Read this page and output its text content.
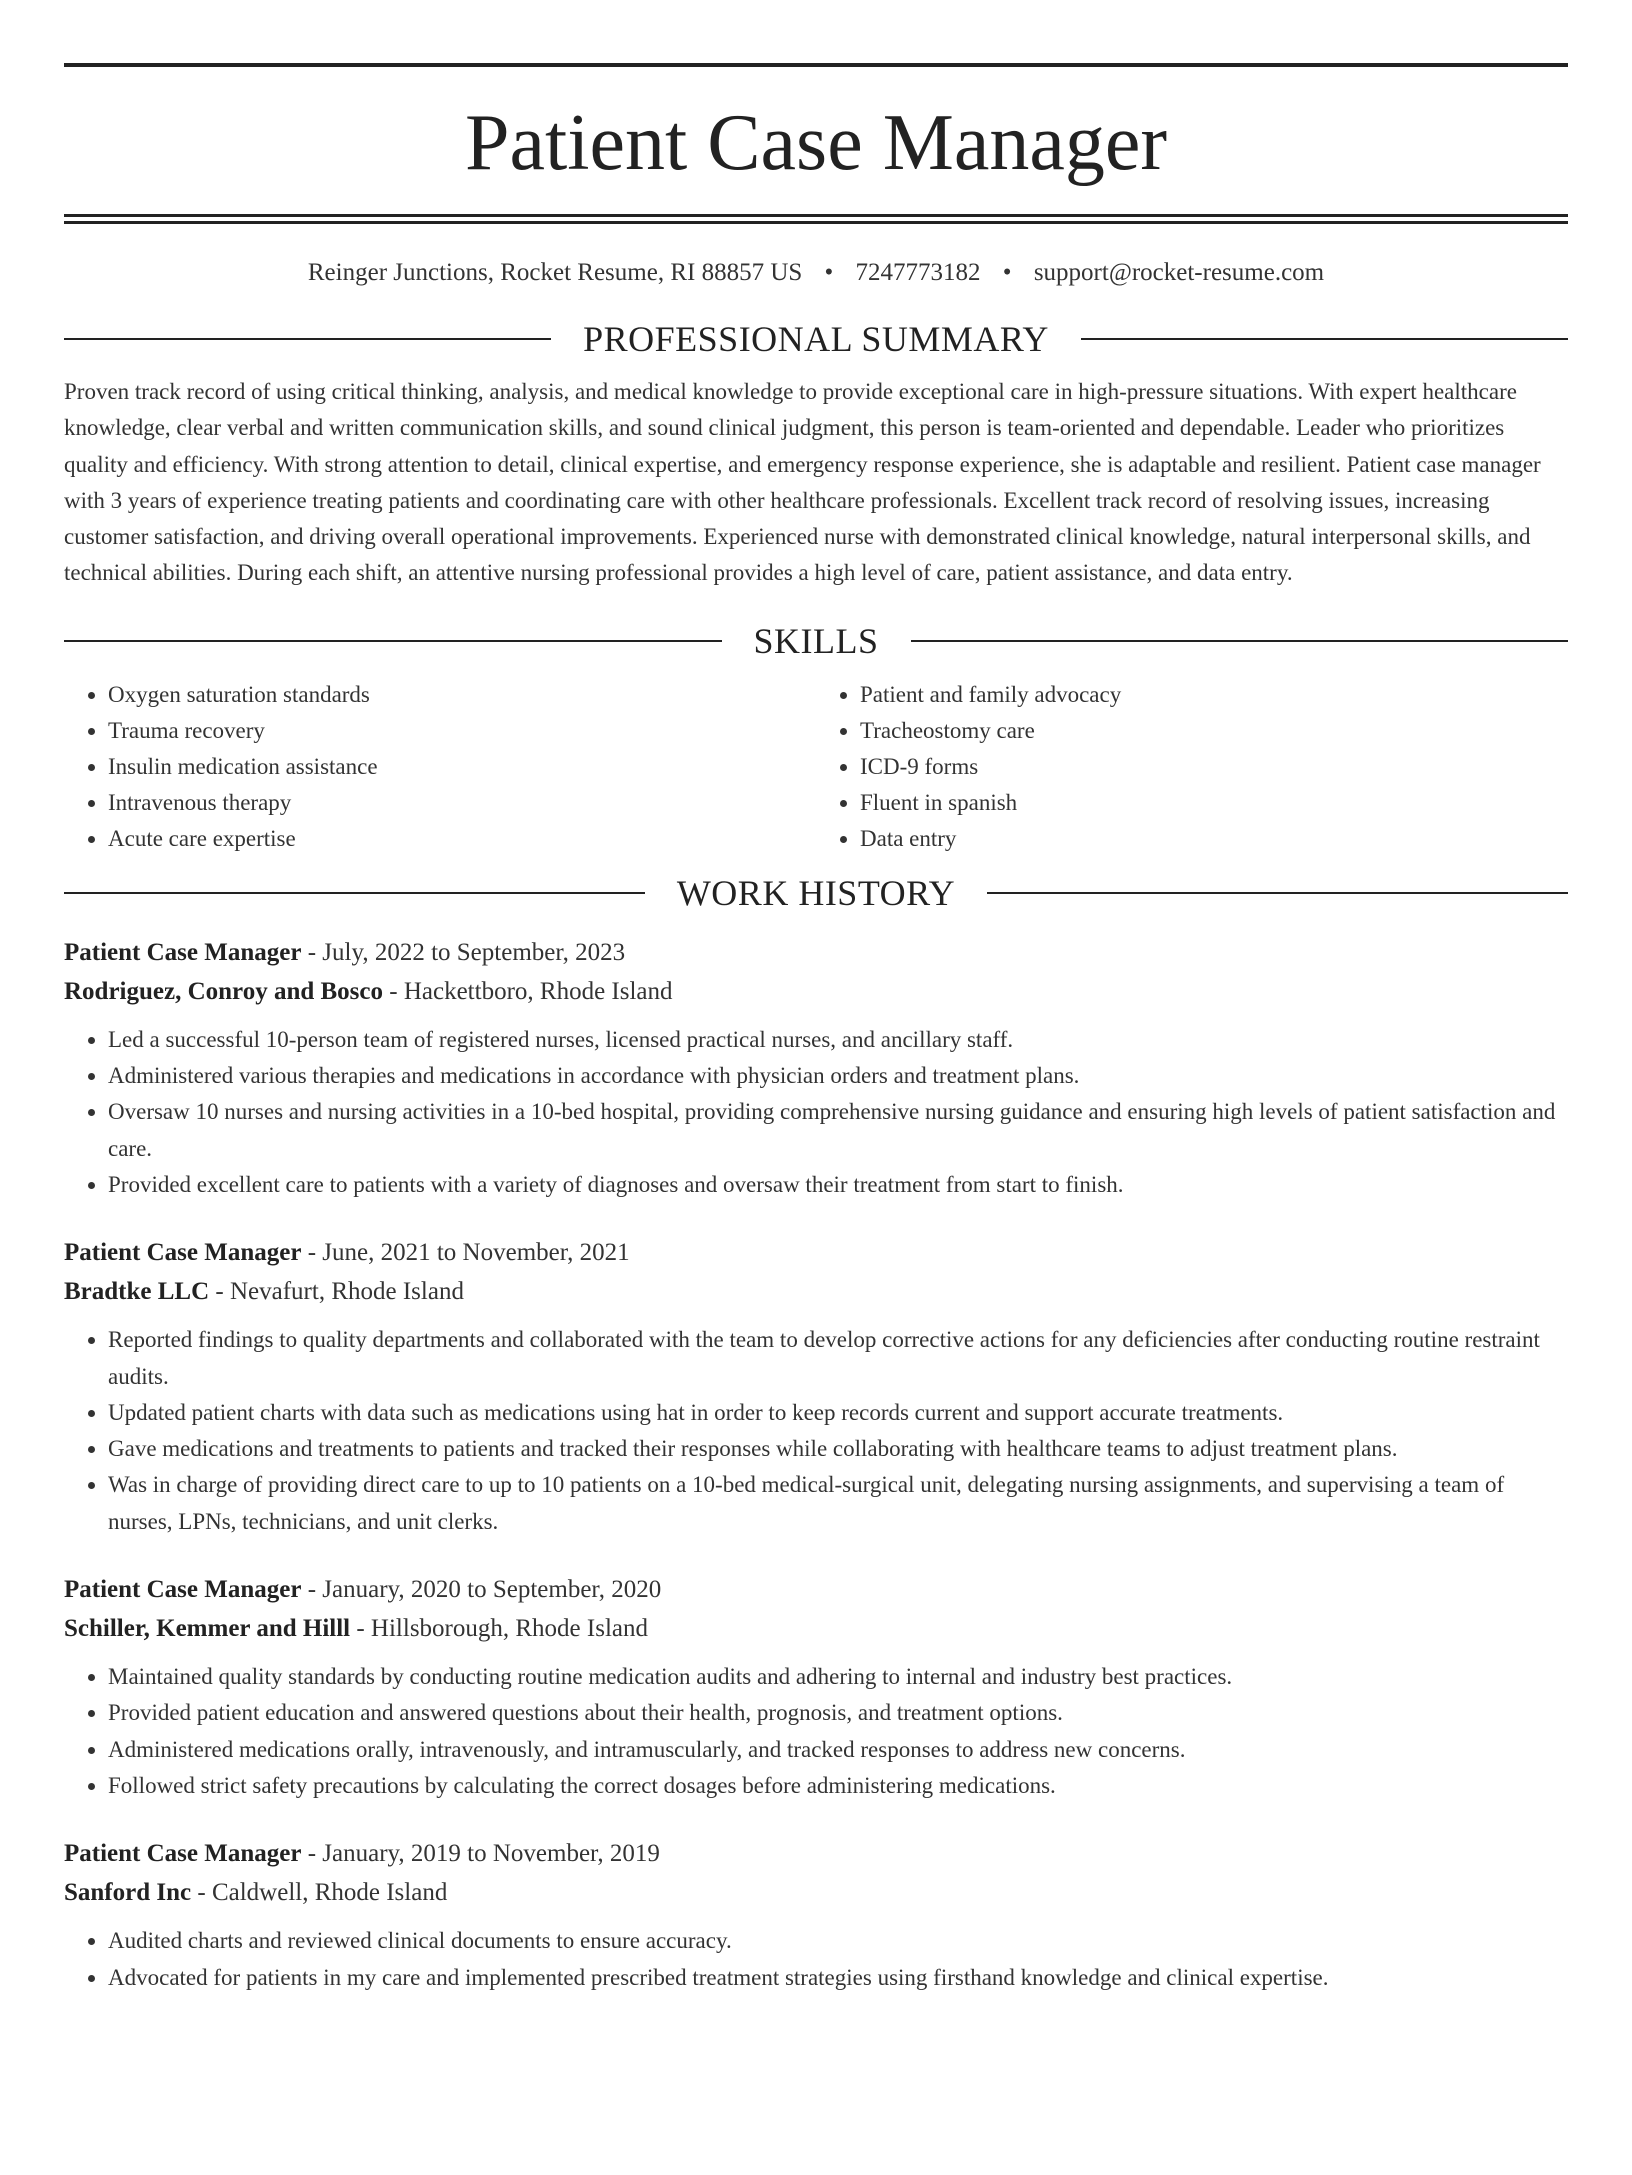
Patient Case Manager
Reinger Junctions, Rocket Resume, RI 88857 US • 7247773182 • support@rocket-resume.com
PROFESSIONAL SUMMARY

Proven track record of using critical thinking, analysis, and medical knowledge to provide exceptional care in high-pressure situations. With expert healthcare knowledge, clear verbal and written communication skills, and sound clinical judgment, this person is team-oriented and dependable. Leader who prioritizes quality and efficiency. With strong attention to detail, clinical expertise, and emergency response experience, she is adaptable and resilient. Patient case manager with 3 years of experience treating patients and coordinating care with other healthcare professionals. Excellent track record of resolving issues, increasing customer satisfaction, and driving overall operational improvements. Experienced nurse with demonstrated clinical knowledge, natural interpersonal skills, and technical abilities. During each shift, an attentive nursing professional provides a high level of care, patient assistance, and data entry.

SKILLS
• Oxygen saturation standards
• Trauma recovery
• Insulin medication assistance
• Intravenous therapy
• Acute care expertise
• Patient and family advocacy
• Tracheostomy care
• ICD-9 forms
• Fluent in spanish
• Data entry
WORK HISTORY
Patient Case Manager - July, 2022 to September, 2023
Rodriguez, Conroy and Bosco - Hackettboro, Rhode Island
• Led a successful 10-person team of registered nurses, licensed practical nurses, and ancillary staff.
• Administered various therapies and medications in accordance with physician orders and treatment plans.
• Oversaw 10 nurses and nursing activities in a 10-bed hospital, providing comprehensive nursing guidance and ensuring high levels of patient satisfaction and care.
• Provided excellent care to patients with a variety of diagnoses and oversaw their treatment from start to finish.
Patient Case Manager - June, 2021 to November, 2021
Bradtke LLC - Nevafurt, Rhode Island
• Reported findings to quality departments and collaborated with the team to develop corrective actions for any deficiencies after conducting routine restraint audits.
• Updated patient charts with data such as medications using hat in order to keep records current and support accurate treatments.
• Gave medications and treatments to patients and tracked their responses while collaborating with healthcare teams to adjust treatment plans.
• Was in charge of providing direct care to up to 10 patients on a 10-bed medical-surgical unit, delegating nursing assignments, and supervising a team of nurses, LPNs, technicians, and unit clerks.
Patient Case Manager - January, 2020 to September, 2020
Schiller, Kemmer and Hilll - Hillsborough, Rhode Island
• Maintained quality standards by conducting routine medication audits and adhering to internal and industry best practices.
• Provided patient education and answered questions about their health, prognosis, and treatment options.
• Administered medications orally, intravenously, and intramuscularly, and tracked responses to address new concerns.
• Followed strict safety precautions by calculating the correct dosages before administering medications.
Patient Case Manager - January, 2019 to November, 2019
Sanford Inc - Caldwell, Rhode Island
• Audited charts and reviewed clinical documents to ensure accuracy.
• Advocated for patients in my care and implemented prescribed treatment strategies using firsthand knowledge and clinical expertise.
